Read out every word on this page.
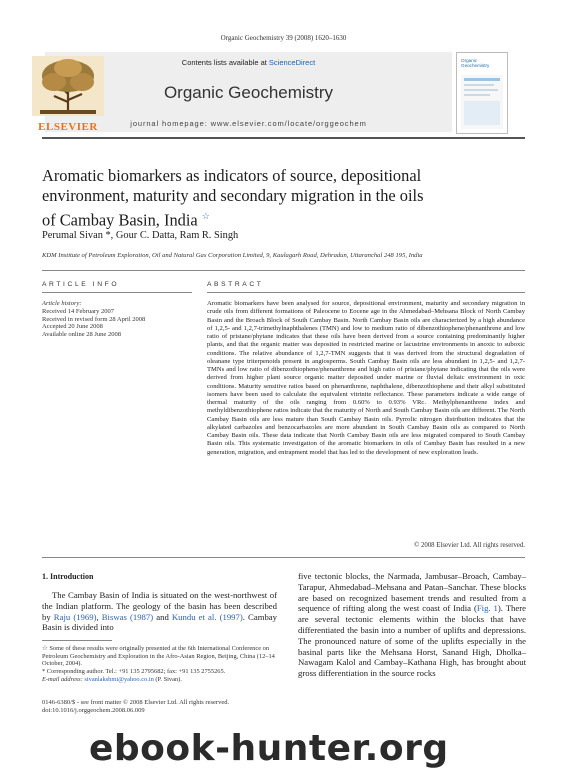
Organic Geochemistry 39 (2008) 1620–1630
Contents lists available at ScienceDirect
Organic Geochemistry
journal homepage: www.elsevier.com/locate/orggeochem
ELSEVIER
Organic Geochemistry
Aromatic biomarkers as indicators of source, depositional
environment, maturity and secondary migration in the oils
of Cambay Basin, India ☆
Perumal Sivan *, Gour C. Datta, Ram R. Singh
KDM Institute of Petroleum Exploration, Oil and Natural Gas Corporation Limited, 9, Kaulagarh Road, Dehradun, Uttaranchal 248 195, India
ARTICLE INFO
Article history:
Received 14 February 2007
Received in revised form 28 April 2008
Accepted 20 June 2008
Available online 28 June 2008
ABSTRACT
Aromatic biomarkers have been analysed for source, depositional environment, maturity and secondary migration in crude oils from different formations of Paleocene to Eocene age in the Ahmedabad–Mehsana Block of North Cambay Basin and the Broach Block of South Cambay Basin. North Cambay Basin oils are characterized by a high abundance of 1,2,5- and 1,2,7-trimethylnaphthalenes (TMN) and low to medium ratio of dibenzothiophene/phenanthrene and low ratio of pristane/phytane indicates that these oils have been derived from a source containing predominantly higher plants, and that the organic matter was deposited in restricted marine or lacustrine environments in anoxic to suboxic conditions. The relative abundance of 1,2,7-TMN suggests that it was derived from the structural degradation of oleanane type triterpenoids present in angiosperms. South Cambay Basin oils are less abundant in 1,2,5- and 1,2,7-TMNs and low ratio of dibenzothiophene/phenanthrene and high ratio of pristane/phytane indicating that the oils were derived from higher plant source organic matter deposited under marine or fluvial deltaic environment in oxic conditions. Maturity sensitive ratios based on phenanthrene, naphthalene, dibenzothiophene and their alkyl substituted isomers have been used to calculate the equivalent vitrinite reflectance. These parameters indicate a wide range of thermal maturity of the oils ranging from 0.60% to 0.93% VRc. Methylphenanthrene index and methyldibenzothiophene ratios indicate that the maturity of North and South Cambay Basin oils are different. The North Cambay Basin oils are less mature than South Cambay Basin oils. Pyrrolic nitrogen distribution indicates that the alkylated carbazoles and benzocarbazoles are more abundant in South Cambay Basin oils as compared to North Cambay Basin oils. These data indicate that North Cambay Basin oils are less migrated compared to South Cambay Basin oils. This systematic investigation of the aromatic biomarkers in oils of Cambay Basin has resulted in a new generation, migration, and entrapment model that has led to the development of new exploration leads.
© 2008 Elsevier Ltd. All rights reserved.
1. Introduction
The Cambay Basin of India is situated on the west-northwest of the Indian platform. The geology of the basin has been described by Raju (1969), Biswas (1987) and Kundu et al. (1997). Cambay Basin is divided into
five tectonic blocks, the Narmada, Jambusar–Broach, Cambay–Tarapur, Ahmedabad–Mehsana and Patan–Sanchar. These blocks are based on recognized basement trends and resulted from a sequence of rifting along the west coast of India (Fig. 1). There are several tectonic elements within the blocks that have differentiated the basin into a number of uplifts and depressions. The pronounced nature of some of the uplifts especially in the basinal parts like the Mehsana Horst, Sanand High, Dholka–Nawagam Kalol and Cambay–Kathana High, has brought about gross differentiation in the source rocks
☆ Some of these results were originally presented at the 6th International Conference on Petroleum Geochemistry and Exploration in the Afro-Asian Region, Beijing, China (12–14 October, 2004).
* Corresponding author. Tel.: +91 135 2795682; fax: +91 135 2755265.
E-mail address: sivanlakshmi@yahoo.co.in (P. Sivan).
0146-6380/$ - see front matter © 2008 Elsevier Ltd. All rights reserved.
doi:10.1016/j.orggeochem.2008.06.009
ebook-hunter.org
